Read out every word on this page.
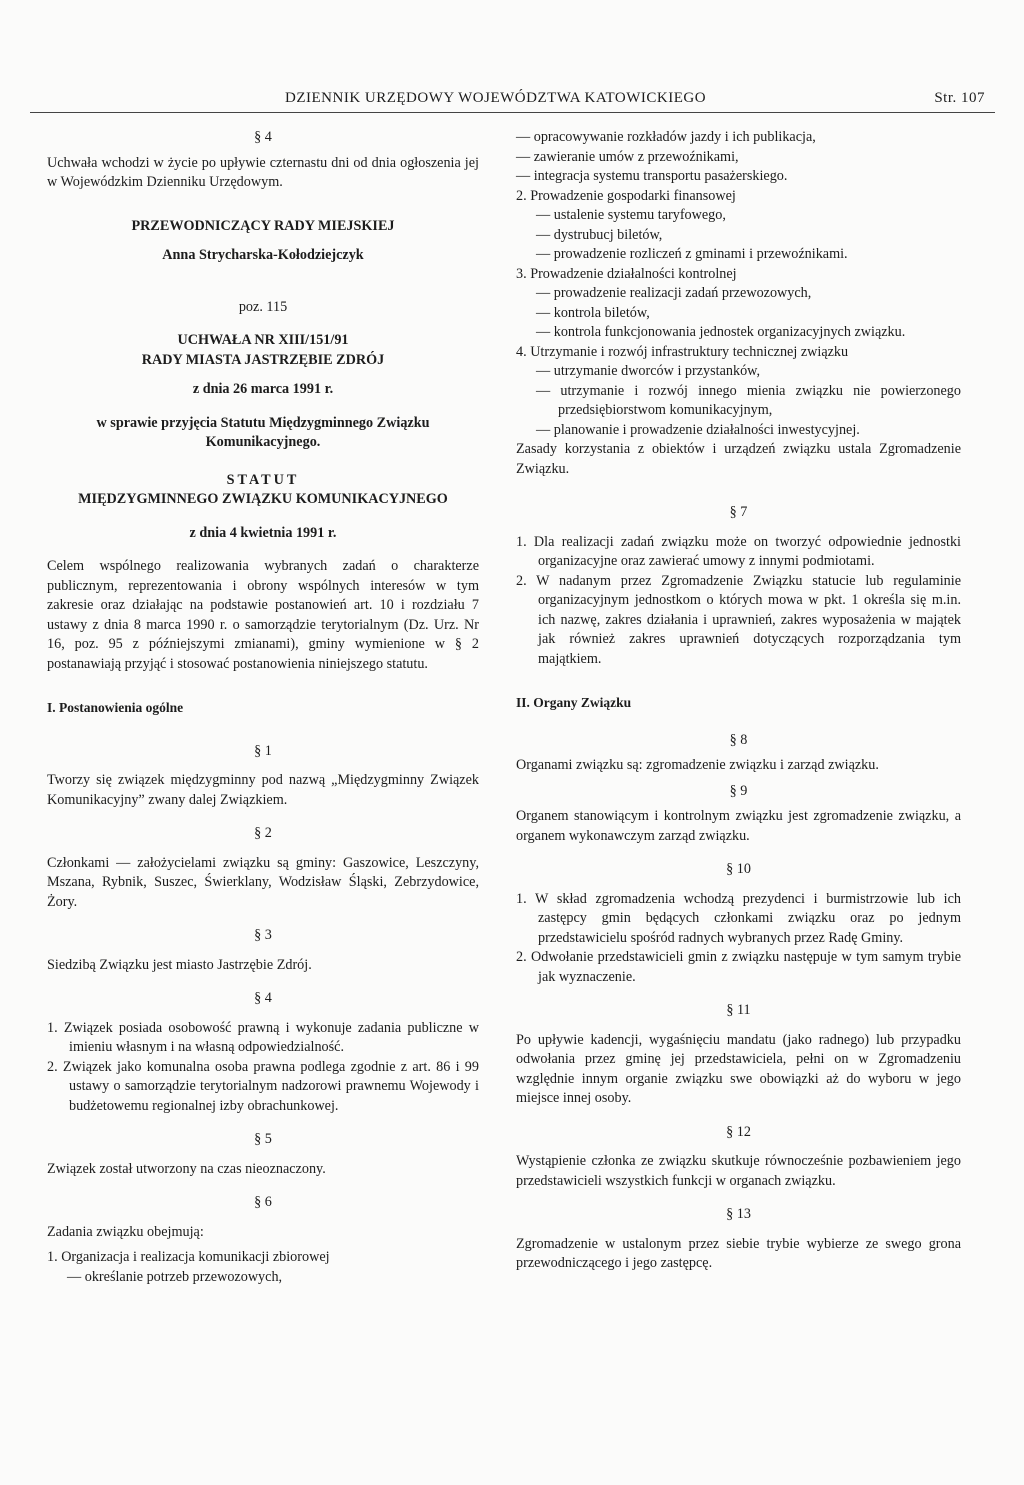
DZIENNIK URZĘDOWY WOJEWÓDZTWA KATOWICKIEGO	Str. 107

§ 4

Uchwała wchodzi w życie po upływie czternastu dni od dnia ogłoszenia jej w Wojewódzkim Dzienniku Urzędowym.

PRZEWODNICZĄCY RADY MIEJSKIEJ

Anna Strycharska-Kołodziejczyk

poz. 115

UCHWAŁA NR XIII/151/91

RADY MIASTA JASTRZĘBIE ZDRÓJ

z dnia 26 marca 1991 r.

w sprawie przyjęcia Statutu Międzygminnego Związku Komunikacyjnego.

STATUT

MIĘDZYGMINNEGO ZWIĄZKU KOMUNIKACYJNEGO

z dnia 4 kwietnia 1991 r.

Celem wspólnego realizowania wybranych zadań o charakterze publicznym, reprezentowania i obrony wspólnych interesów w tym zakresie oraz działając na podstawie postanowień art. 10 i rozdziału 7 ustawy z dnia 8 marca 1990 r. o samorządzie terytorialnym (Dz. Urz. Nr 16, poz. 95 z późniejszymi zmianami), gminy wymienione w § 2 postanawiają przyjąć i stosować postanowienia niniejszego statutu.

I. Postanowienia ogólne

§ 1

Tworzy się związek międzygminny pod nazwą „Międzygminny Związek Komunikacyjny” zwany dalej Związkiem.

§ 2

Członkami — założycielami związku są gminy: Gaszowice, Leszczyny, Mszana, Rybnik, Suszec, Świerklany, Wodzisław Śląski, Zebrzydowice, Żory.

§ 3

Siedzibą Związku jest miasto Jastrzębie Zdrój.

§ 4

1. Związek posiada osobowość prawną i wykonuje zadania publiczne w imieniu własnym i na własną odpowiedzialność.

2. Związek jako komunalna osoba prawna podlega zgodnie z art. 86 i 99 ustawy o samorządzie terytorialnym nadzorowi prawnemu Wojewody i budżetowemu regionalnej izby obrachunkowej.

§ 5

Związek został utworzony na czas nieoznaczony.

§ 6

Zadania związku obejmują:

1. Organizacja i realizacja komunikacji zbiorowej

— określanie potrzeb przewozowych,

— opracowywanie rozkładów jazdy i ich publikacja,

— zawieranie umów z przewoźnikami,

— integracja systemu transportu pasażerskiego.

2. Prowadzenie gospodarki finansowej

— ustalenie systemu taryfowego,

— dystrubucj biletów,

— prowadzenie rozliczeń z gminami i przewoźnikami.

3. Prowadzenie działalności kontrolnej

— prowadzenie realizacji zadań przewozowych,

— kontrola biletów,

— kontrola funkcjonowania jednostek organizacyjnych związku.

4. Utrzymanie i rozwój infrastruktury technicznej związku

— utrzymanie dworców i przystanków,

— utrzymanie i rozwój innego mienia związku nie powierzonego przedsiębiorstwom komunikacyjnym,

— planowanie i prowadzenie działalności inwestycyjnej.

Zasady korzystania z obiektów i urządzeń związku ustala Zgromadzenie Związku.

§ 7

1. Dla realizacji zadań związku może on tworzyć odpowiednie jednostki organizacyjne oraz zawierać umowy z innymi podmiotami.

2. W nadanym przez Zgromadzenie Związku statucie lub regulaminie organizacyjnym jednostkom o których mowa w pkt. 1 określa się m.in. ich nazwę, zakres działania i uprawnień, zakres wyposażenia w majątek jak również zakres uprawnień dotyczących rozporządzania tym majątkiem.

II. Organy Związku

§ 8

Organami związku są: zgromadzenie związku i zarząd związku.

§ 9

Organem stanowiącym i kontrolnym związku jest zgromadzenie związku, a organem wykonawczym zarząd związku.

§ 10

1. W skład zgromadzenia wchodzą prezydenci i burmistrzowie lub ich zastępcy gmin będących członkami związku oraz po jednym przedstawicielu spośród radnych wybranych przez Radę Gminy.

2. Odwołanie przedstawicieli gmin z związku następuje w tym samym trybie jak wyznaczenie.

§ 11

Po upływie kadencji, wygaśnięciu mandatu (jako radnego) lub przypadku odwołania przez gminę jej przedstawiciela, pełni on w Zgromadzeniu względnie innym organie związku swe obowiązki aż do wyboru w jego miejsce innej osoby.

§ 12

Wystąpienie członka ze związku skutkuje równocześnie pozbawieniem jego przedstawicieli wszystkich funkcji w organach związku.

§ 13

Zgromadzenie w ustalonym przez siebie trybie wybierze ze swego grona przewodniczącego i jego zastępcę.
